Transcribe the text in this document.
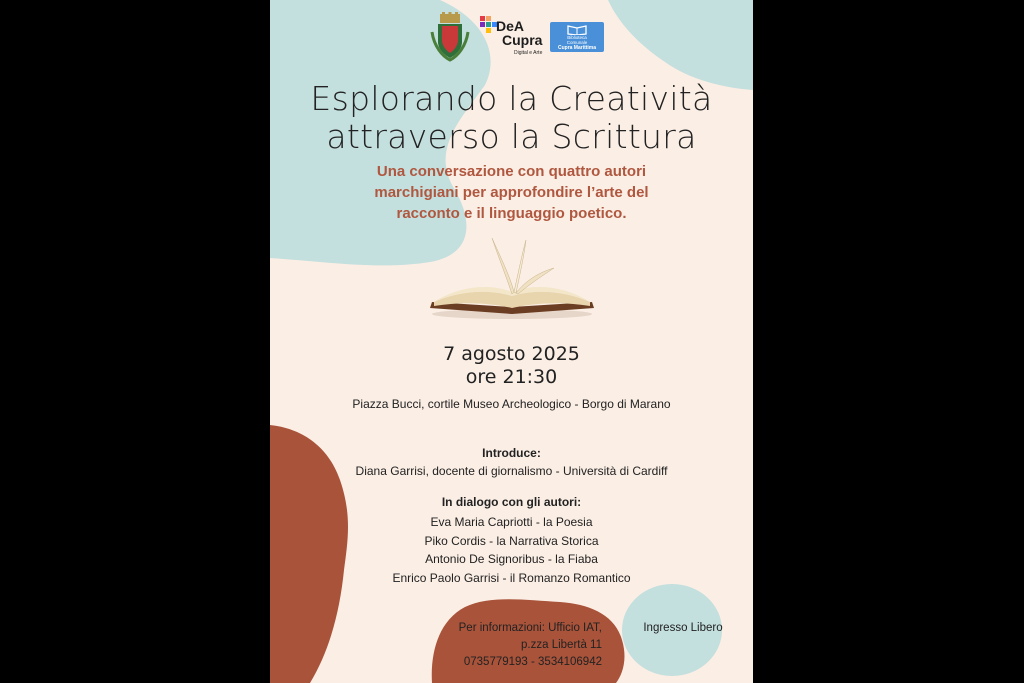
DeA
Cupra
Digital e Arte
Biblioteca
Comunale
Cupra Marittima
Esplorando la Creatività
attraverso la Scrittura
Una conversazione con quattro autori
marchigiani per approfondire l’arte del
racconto e il linguaggio poetico.
7 agosto 2025
ore 21:30
Piazza Bucci, cortile Museo Archeologico - Borgo di Marano
Introduce:
Diana Garrisi, docente di giornalismo - Università di Cardiff
In dialogo con gli autori:
Eva Maria Capriotti - la Poesia
Piko Cordis - la Narrativa Storica
Antonio De Signoribus - la Fiaba
Enrico Paolo Garrisi - il Romanzo Romantico
Per informazioni: Ufficio IAT,
p.zza Libertà 11
0735779193 - 3534106942
Ingresso Libero
